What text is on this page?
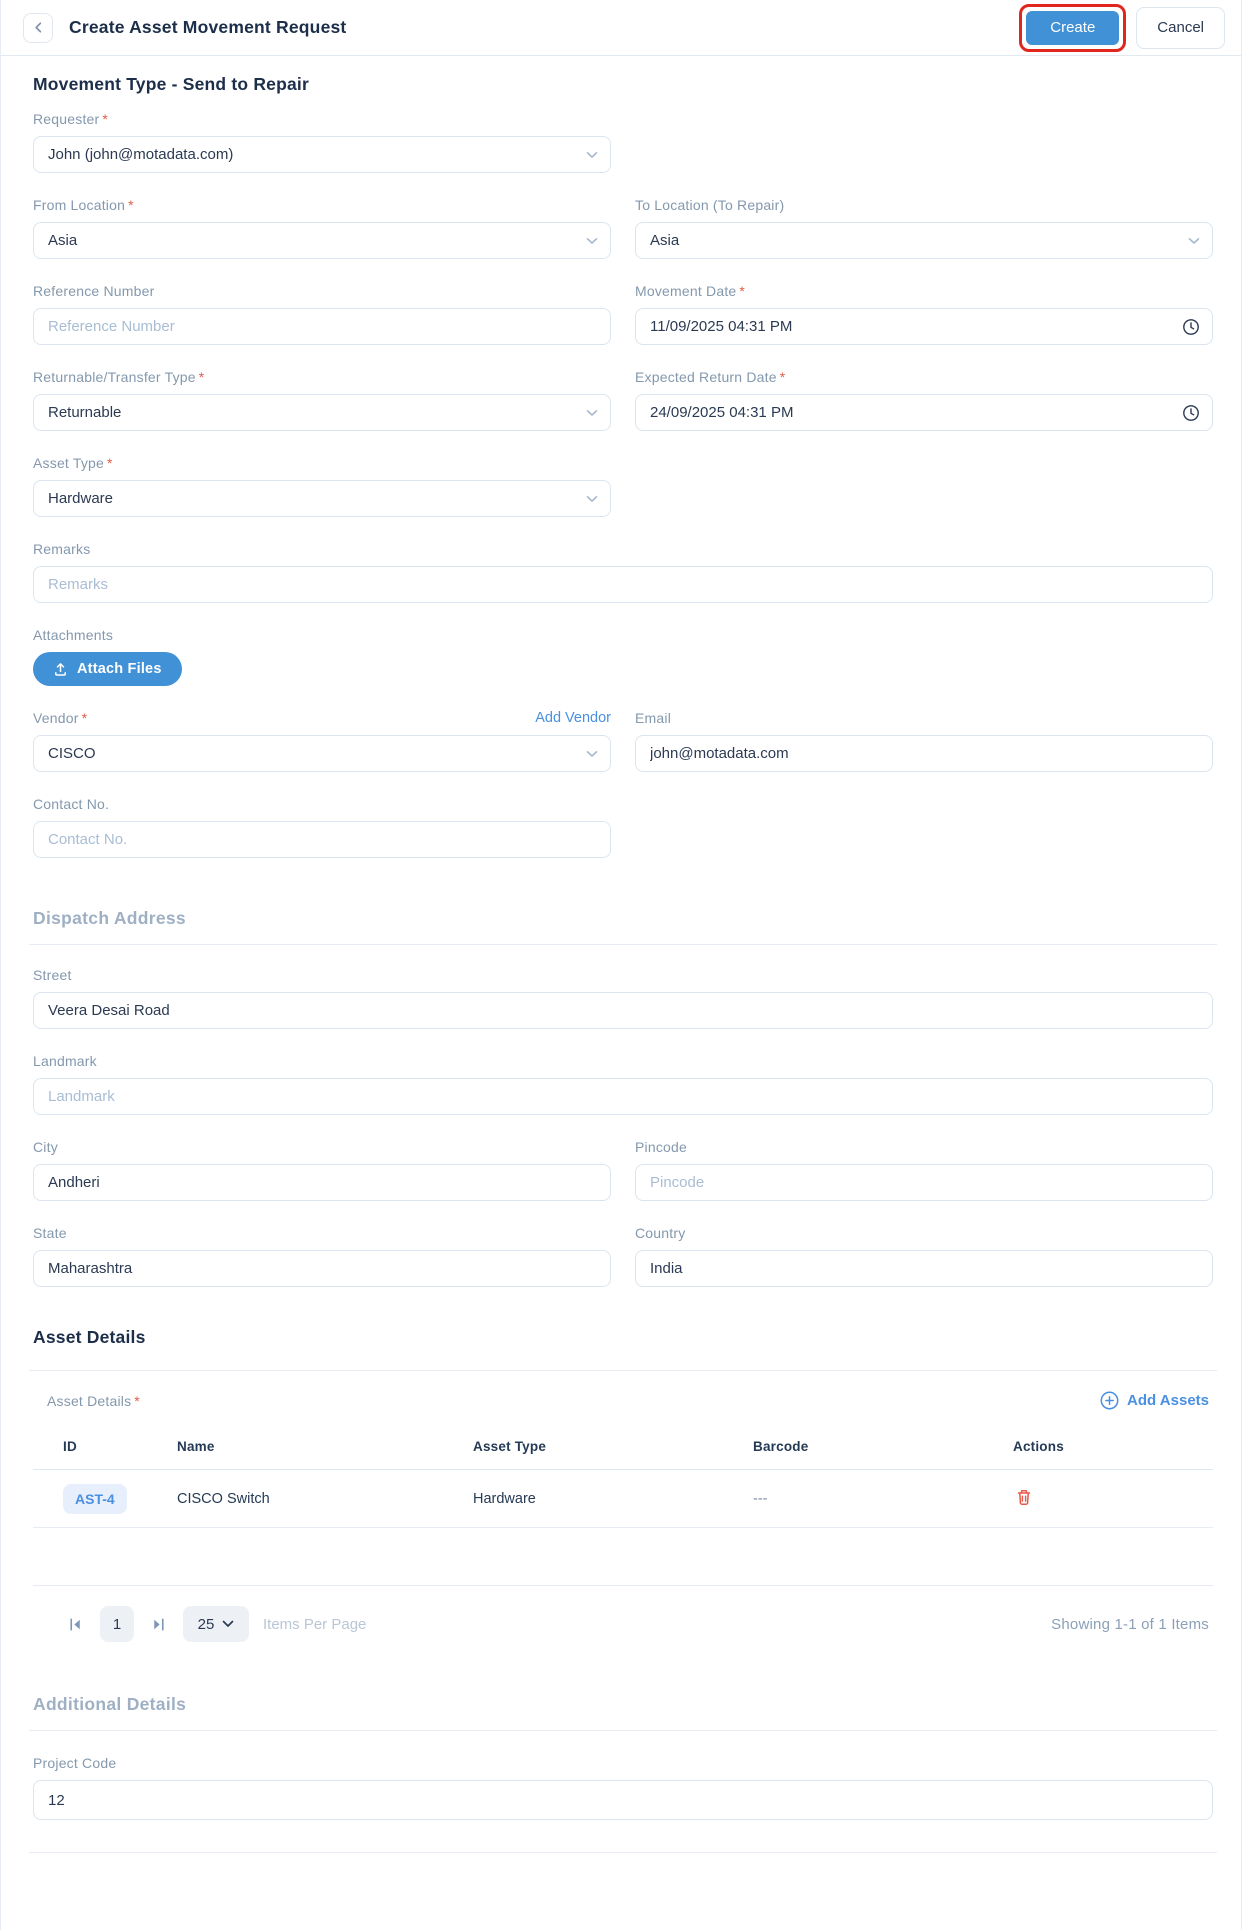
Create Asset Movement Request	Create	Cancel
Movement Type - Send to Repair
Requester *
John (john@motadata.com)
From Location *
Asia
To Location (To Repair)
Asia
Reference Number
Reference Number	Movement Date *
11/09/2025 04:31 PM
Returnable/Transfer Type *
Returnable
Expected Return Date *
24/09/2025 04:31 PM
Asset Type *
Hardware
Remarks
Remarks
Attachments
Attach Files
Vendor *	Add Vendor
CISCO
Email
john@motadata.com
Contact No.
Contact No.
Dispatch Address
Street
Veera Desai Road
Landmark
Landmark
City
Andheri	Pincode
Pincode
State
Maharashtra	Country
India
Asset Details
Asset Details *	Add Assets
ID	Name	Asset Type	Barcode	Actions
AST-4	CISCO Switch	Hardware	---
1	25	Items Per Page	Showing 1-1 of 1 Items
Additional Details
Project Code
12
